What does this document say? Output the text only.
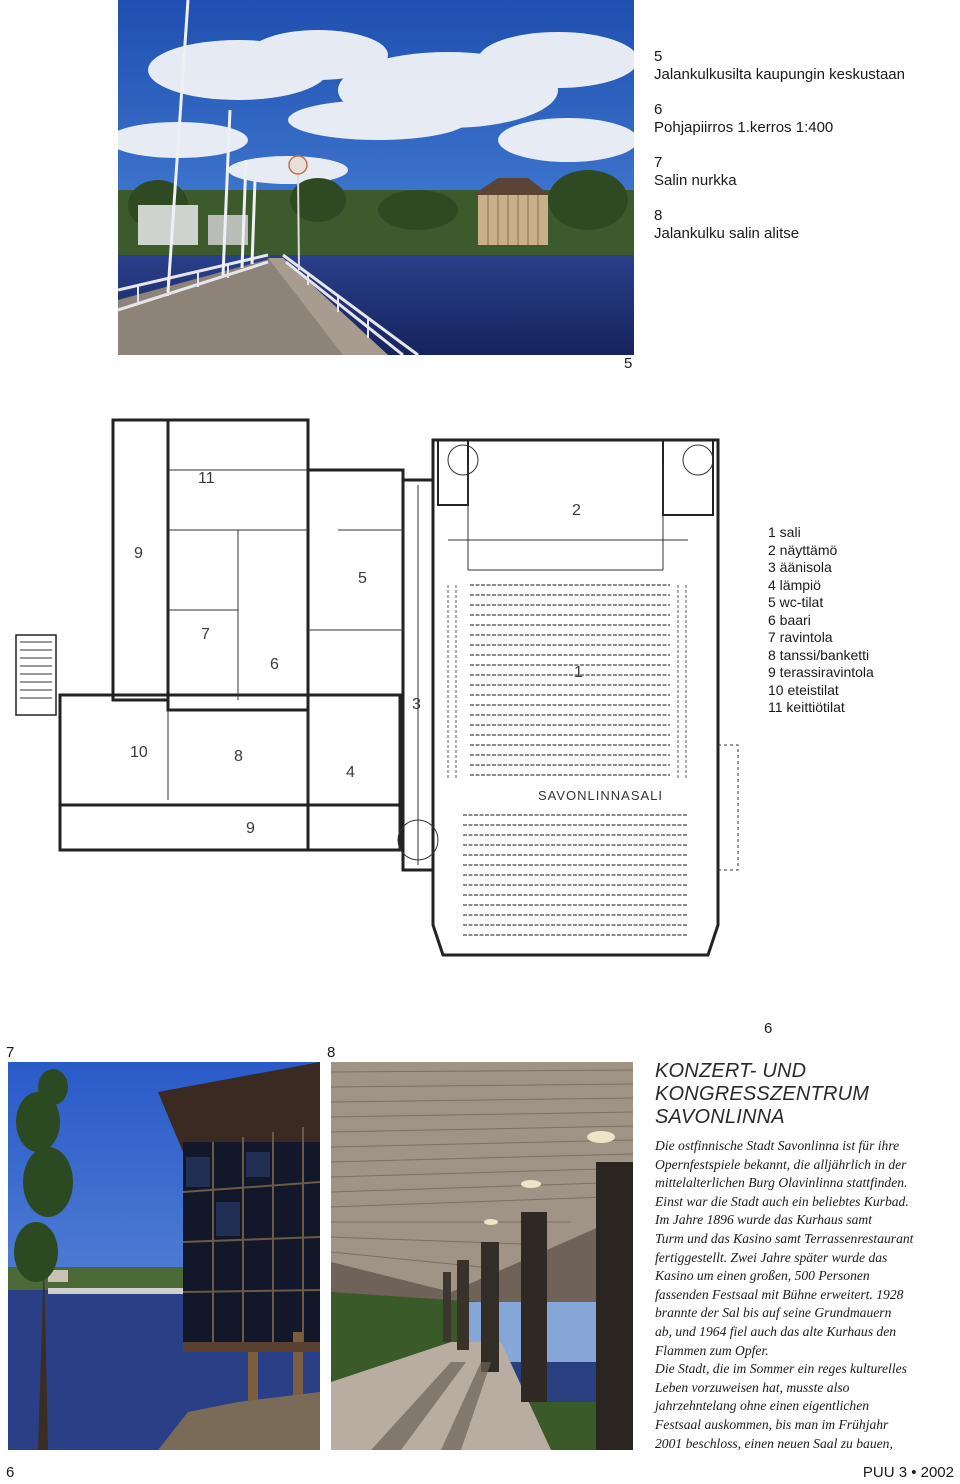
5
Jalankulkusilta kaupungin keskustaan
6
Pohjapiirros 1.kerros 1:400
7
Salin nurkka
8
Jalankulku salin alitse
5
11
2
9
5
7
6	1
3
10	8
4
9
SAVONLINNASALI
1 sali
2 näyttämö
3 äänisola
4 lämpiö
5 wc-tilat
6 baari
7 ravintola
8 tanssi/banketti
9 terassiravintola
10 eteistilat
11 keittiötilat
6
7	8
KONZERT- UND
KONGRESSZENTRUM
SAVONLINNA
Die ostfinnische Stadt Savonlinna ist für ihre
Opernfestspiele bekannt, die alljährlich in der
mittelalterlichen Burg Olavinlinna stattfinden.
Einst war die Stadt auch ein beliebtes Kurbad.
Im Jahre 1896 wurde das Kurhaus samt
Turm und das Kasino samt Terrassenrestaurant
fertiggestellt. Zwei Jahre später wurde das
Kasino um einen großen, 500 Personen
fassenden Festsaal mit Bühne erweitert. 1928
brannte der Sal bis auf seine Grundmauern
ab, und 1964 fiel auch das alte Kurhaus den
Flammen zum Opfer.
Die Stadt, die im Sommer ein reges kulturelles
Leben vorzuweisen hat, musste also
jahrzehntelang ohne einen eigentlichen
Festsaal auskommen, bis man im Frühjahr
2001 beschloss, einen neuen Saal zu bauen,
6	PUU 3 • 2002
